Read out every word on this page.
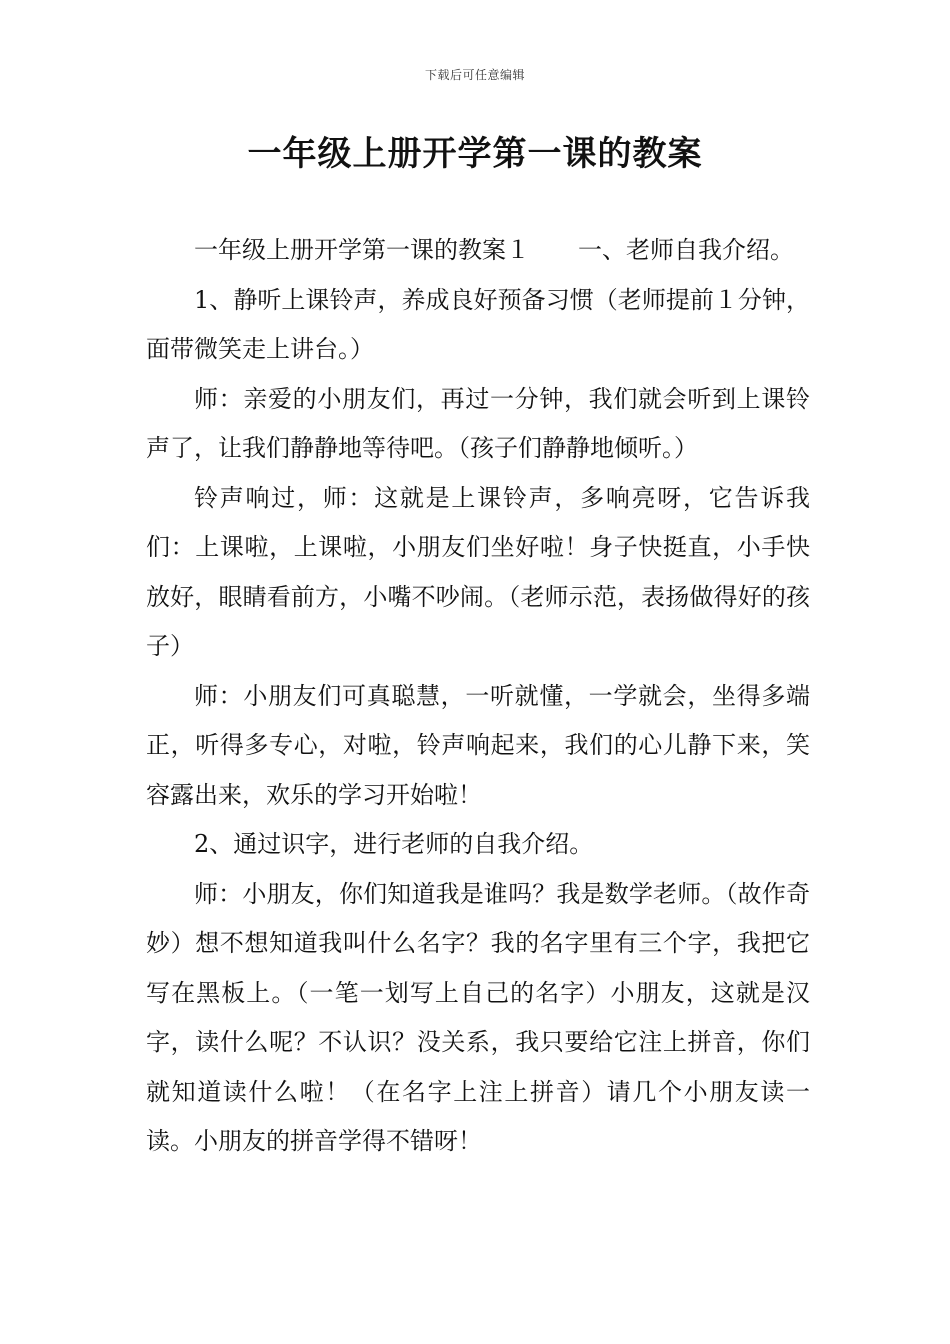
下载后可任意编辑
一年级上册开学第一课的教案

一年级上册开学第一课的教案１ 一、老师自我介绍。

1、静听上课铃声，养成良好预备习惯（老师提前１分钟，面带微笑走上讲台。）

师：亲爱的小朋友们，再过一分钟，我们就会听到上课铃声了，让我们静静地等待吧。（孩子们静静地倾听。）

铃声响过，师：这就是上课铃声，多响亮呀，它告诉我们：上课啦，上课啦，小朋友们坐好啦！身子快挺直，小手快放好，眼睛看前方，小嘴不吵闹。（老师示范，表扬做得好的孩子）

师：小朋友们可真聪慧，一听就懂，一学就会，坐得多端正，听得多专心，对啦，铃声响起来，我们的心儿静下来，笑容露出来，欢乐的学习开始啦！

2、通过识字，进行老师的自我介绍。

师：小朋友，你们知道我是谁吗？我是数学老师。（故作奇妙）想不想知道我叫什么名字？我的名字里有三个字，我把它写在黑板上。（一笔一划写上自己的名字）小朋友，这就是汉字，读什么呢？不认识？没关系，我只要给它注上拼音，你们就知道读什么啦！（在名字上注上拼音）请几个小朋友读一读。小朋友的拼音学得不错呀！
